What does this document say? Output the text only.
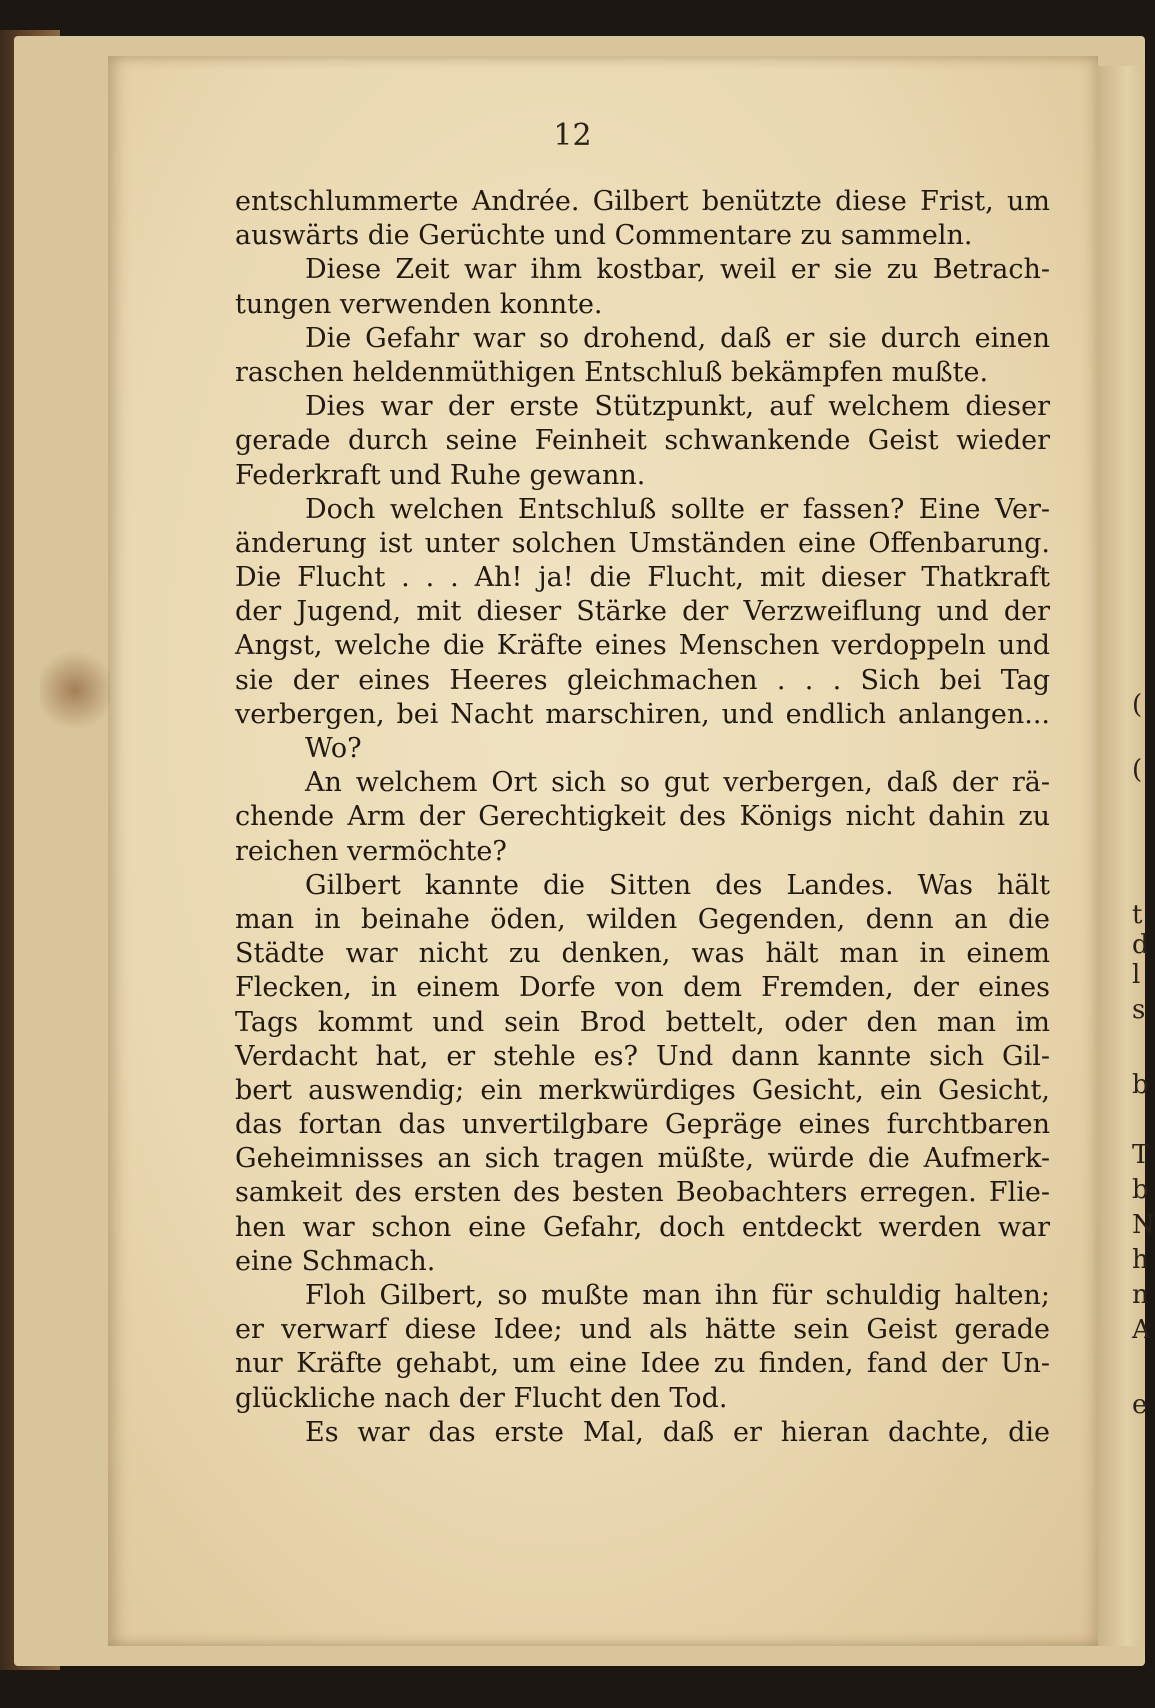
(
(
t
d
l
s
b
T
b
N
h
n
A
e
12
entschlummerte Andrée. Gilbert benützte diese Frist, um
auswärts die Gerüchte und Commentare zu sammeln.
Diese Zeit war ihm kostbar, weil er sie zu Betrach-
tungen verwenden konnte.
Die Gefahr war so drohend, daß er sie durch einen
raschen heldenmüthigen Entschluß bekämpfen mußte.
Dies war der erste Stützpunkt, auf welchem dieser
gerade durch seine Feinheit schwankende Geist wieder
Federkraft und Ruhe gewann.
Doch welchen Entschluß sollte er fassen? Eine Ver-
änderung ist unter solchen Umständen eine Offenbarung.
Die Flucht . . . Ah! ja! die Flucht, mit dieser Thatkraft
der Jugend, mit dieser Stärke der Verzweiflung und der
Angst, welche die Kräfte eines Menschen verdoppeln und
sie der eines Heeres gleichmachen . . . Sich bei Tag
verbergen, bei Nacht marschiren, und endlich anlangen...
Wo?
An welchem Ort sich so gut verbergen, daß der rä-
chende Arm der Gerechtigkeit des Königs nicht dahin zu
reichen vermöchte?
Gilbert kannte die Sitten des Landes. Was hält
man in beinahe öden, wilden Gegenden, denn an die
Städte war nicht zu denken, was hält man in einem
Flecken, in einem Dorfe von dem Fremden, der eines
Tags kommt und sein Brod bettelt, oder den man im
Verdacht hat, er stehle es? Und dann kannte sich Gil-
bert auswendig; ein merkwürdiges Gesicht, ein Gesicht,
das fortan das unvertilgbare Gepräge eines furchtbaren
Geheimnisses an sich tragen müßte, würde die Aufmerk-
samkeit des ersten des besten Beobachters erregen. Flie-
hen war schon eine Gefahr, doch entdeckt werden war
eine Schmach.
Floh Gilbert, so mußte man ihn für schuldig halten;
er verwarf diese Idee; und als hätte sein Geist gerade
nur Kräfte gehabt, um eine Idee zu finden, fand der Un-
glückliche nach der Flucht den Tod.
Es war das erste Mal, daß er hieran dachte, die
